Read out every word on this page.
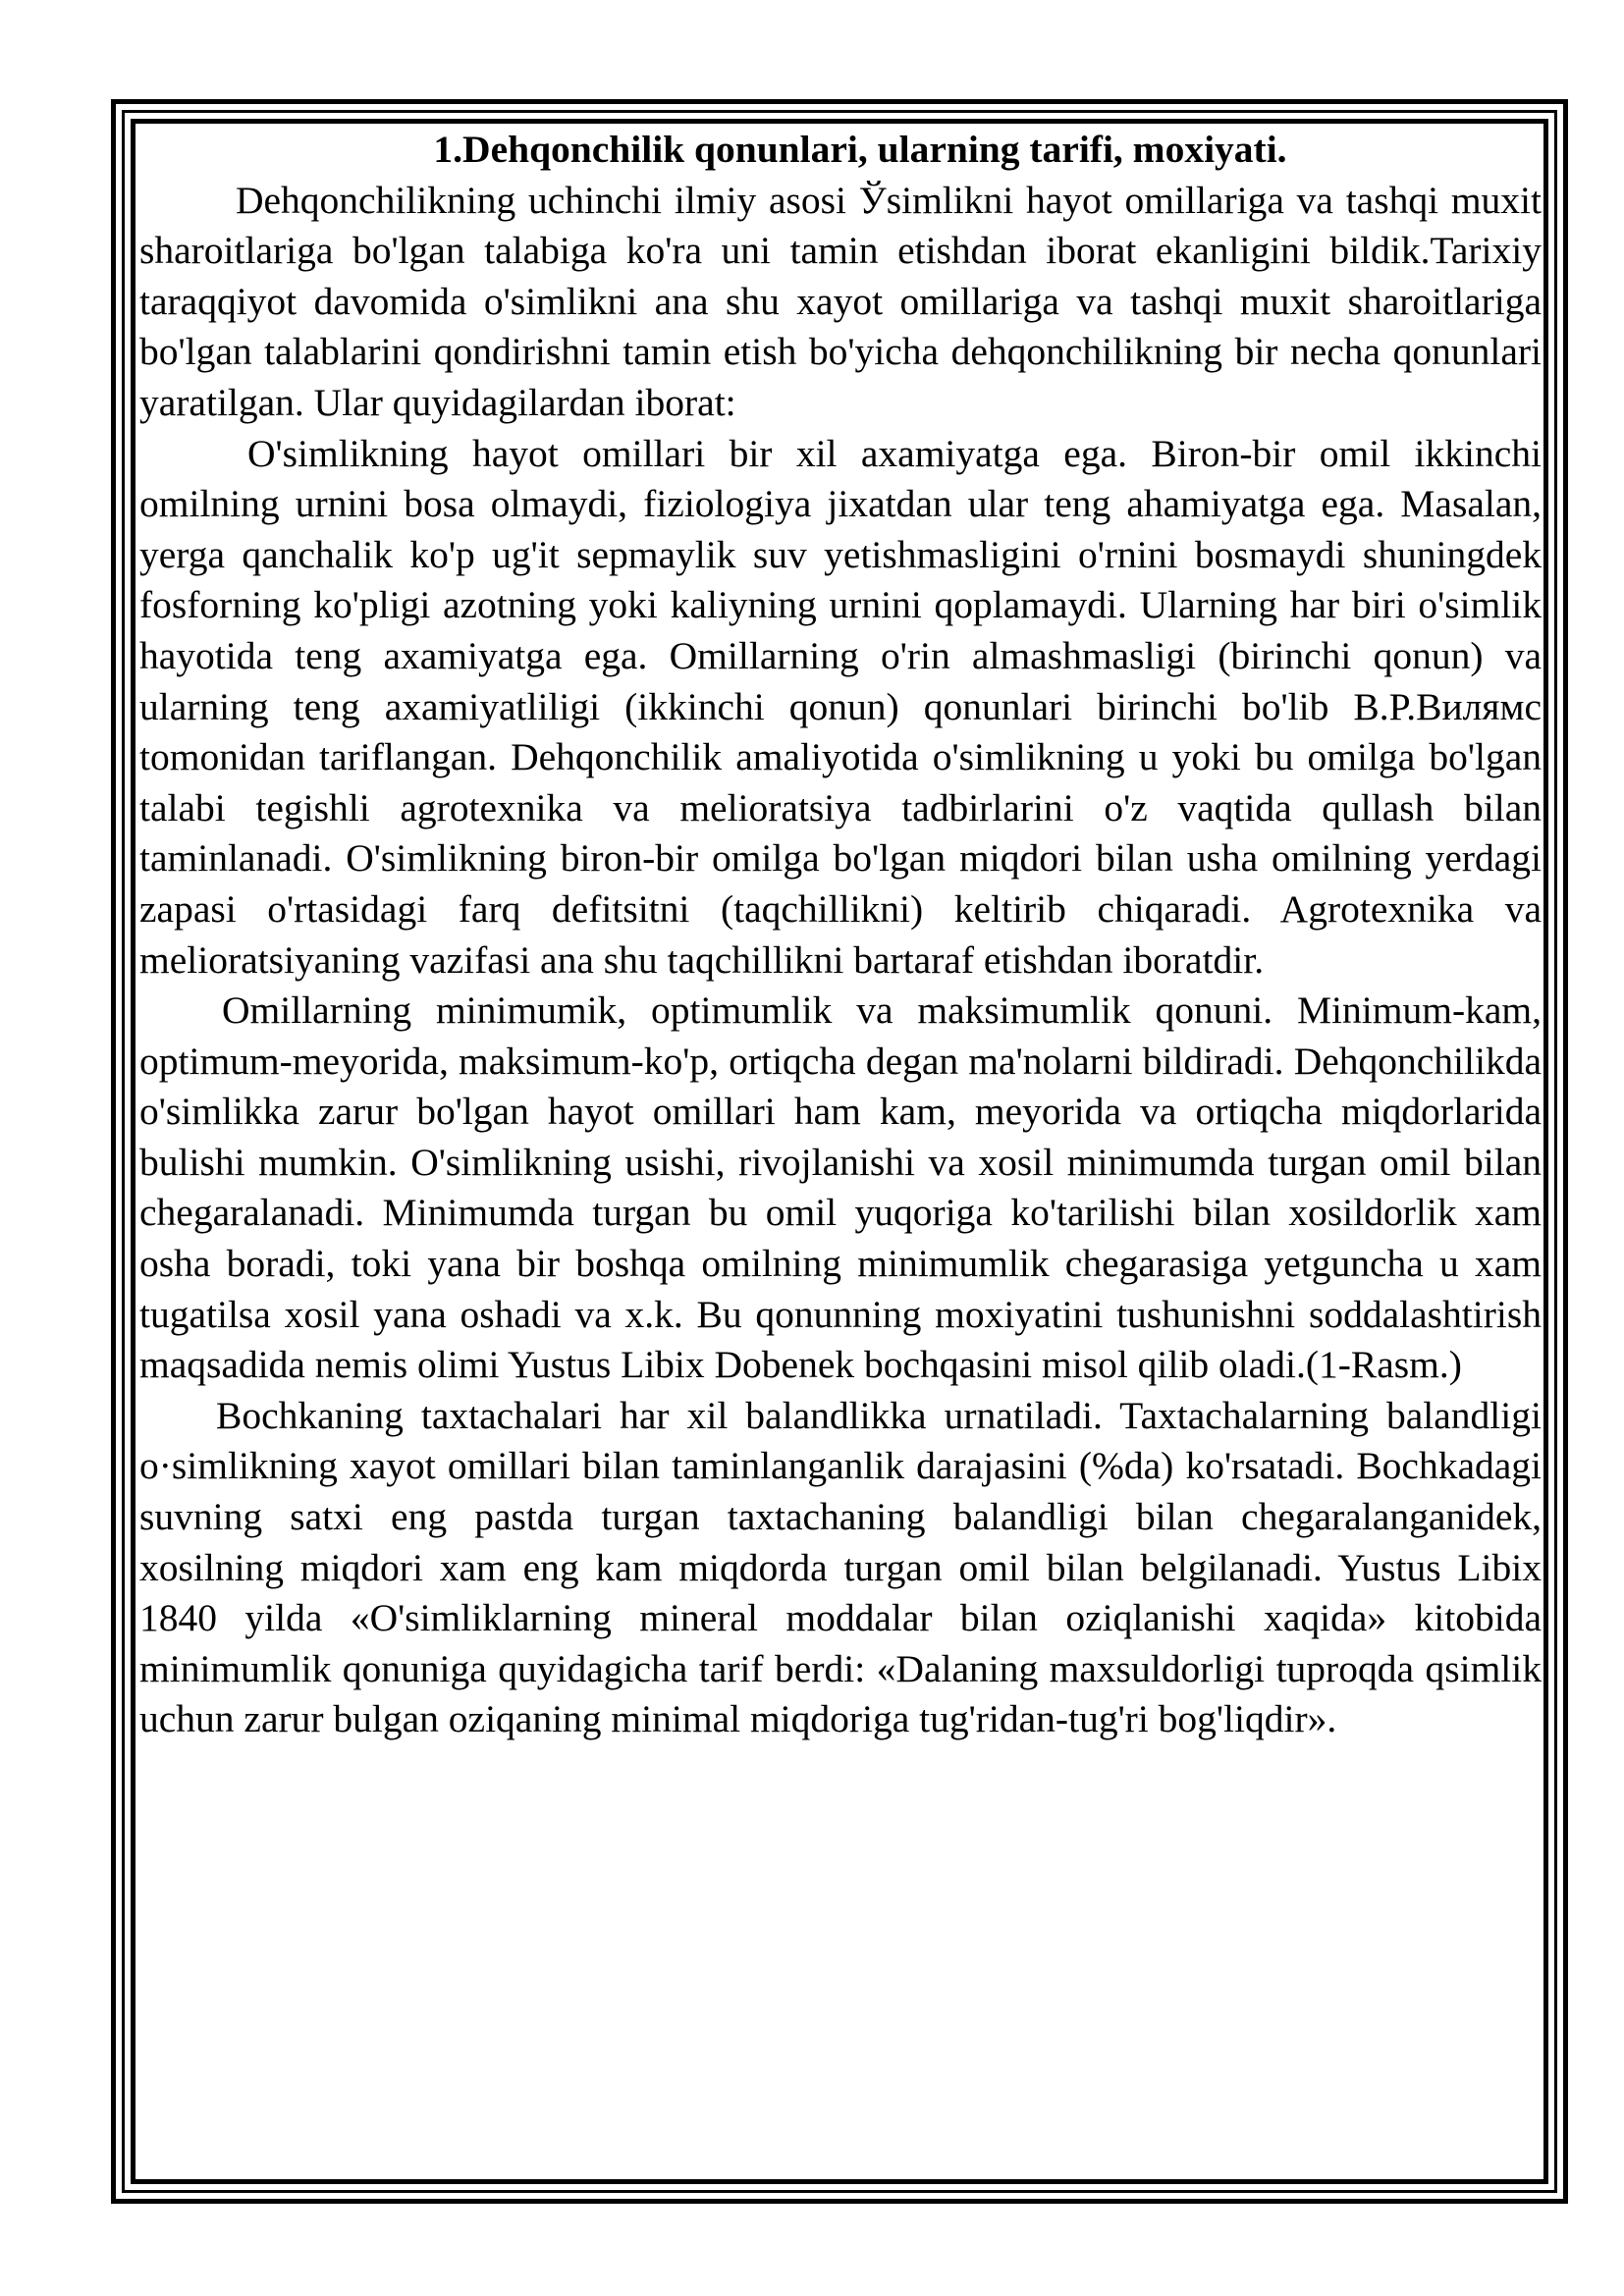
1.Dehqonchilik qonunlari, ularning tarifi, moxiyati.

Dehqonchilikning uchinchi ilmiy asosi Ўsimlikni hayot omillariga va tashqi muxit sharoitlariga bo'lgan talabiga ko'ra uni tamin etishdan iborat ekanligini bildik.Tarixiy taraqqiyot davomida o'simlikni ana shu xayot omillariga va tashqi muxit sharoitlariga bo'lgan talablarini qondirishni tamin etish bo'yicha dehqonchilikning bir necha qonunlari yaratilgan. Ular quyidagilardan iborat:

O'simlikning hayot omillari bir xil axamiyatga ega. Biron-bir omil ikkinchi omilning urnini bosa olmaydi, fiziologiya jixatdan ular teng ahamiyatga ega. Masalan, yerga qanchalik ko'p ug'it sepmaylik suv yetishmasligini o'rnini bosmaydi shuningdek fosforning ko'pligi azotning yoki kaliyning urnini qoplamaydi. Ularning har biri o'simlik hayotida teng axamiyatga ega. Omillarning o'rin almashmasligi (birinchi qonun) va ularning teng axamiyatliligi (ikkinchi qonun) qonunlari birinchi bo'lib B.P.Вилямс tomonidan tariflangan. Dehqonchilik amaliyotida o'simlikning u yoki bu omilga bo'lgan talabi tegishli agrotexnika va melioratsiya tadbirlarini o'z vaqtida qullash bilan taminlanadi. O'simlikning biron-bir omilga bo'lgan miqdori bilan usha omilning yerdagi zapasi o'rtasidagi farq defitsitni (taqchillikni) keltirib chiqaradi. Agrotexnika va melioratsiyaning vazifasi ana shu taqchillikni bartaraf etishdan iboratdir.

Omillarning minimumik, optimumlik va maksimumlik qonuni. Minimum-kam, optimum-meyorida, maksimum-ko'p, ortiqcha degan ma'nolarni bildiradi. Dehqonchilikda o'simlikka zarur bo'lgan hayot omillari ham kam, meyorida va ortiqcha miqdorlarida bulishi mumkin. O'simlikning usishi, rivojlanishi va xosil minimumda turgan omil bilan chegaralanadi. Minimumda turgan bu omil yuqoriga ko'tarilishi bilan xosildorlik xam osha boradi, toki yana bir boshqa omilning minimumlik chegarasiga yetguncha u xam tugatilsa xosil yana oshadi va x.k. Bu qonunning moxiyatini tushunishni soddalashtirish maqsadida nemis olimi Yustus Libix Dobenek bochqasini misol qilib oladi.(1-Rasm.)

Bochkaning taxtachalari har xil balandlikka urnatiladi. Taxtachalarning balandligi o·simlikning xayot omillari bilan taminlanganlik darajasini (%da) ko'rsatadi. Bochkadagi suvning satxi eng pastda turgan taxtachaning balandligi bilan chegaralanganidek, xosilning miqdori xam eng kam miqdorda turgan omil bilan belgilanadi. Yustus Libix 1840 yilda «O'simliklarning mineral moddalar bilan oziqlanishi xaqida» kitobida minimumlik qonuniga quyidagicha tarif berdi: «Dalaning maxsuldorligi tuproqda qsimlik uchun zarur bulgan oziqaning minimal miqdoriga tug'ridan-tug'ri bog'liqdir».
